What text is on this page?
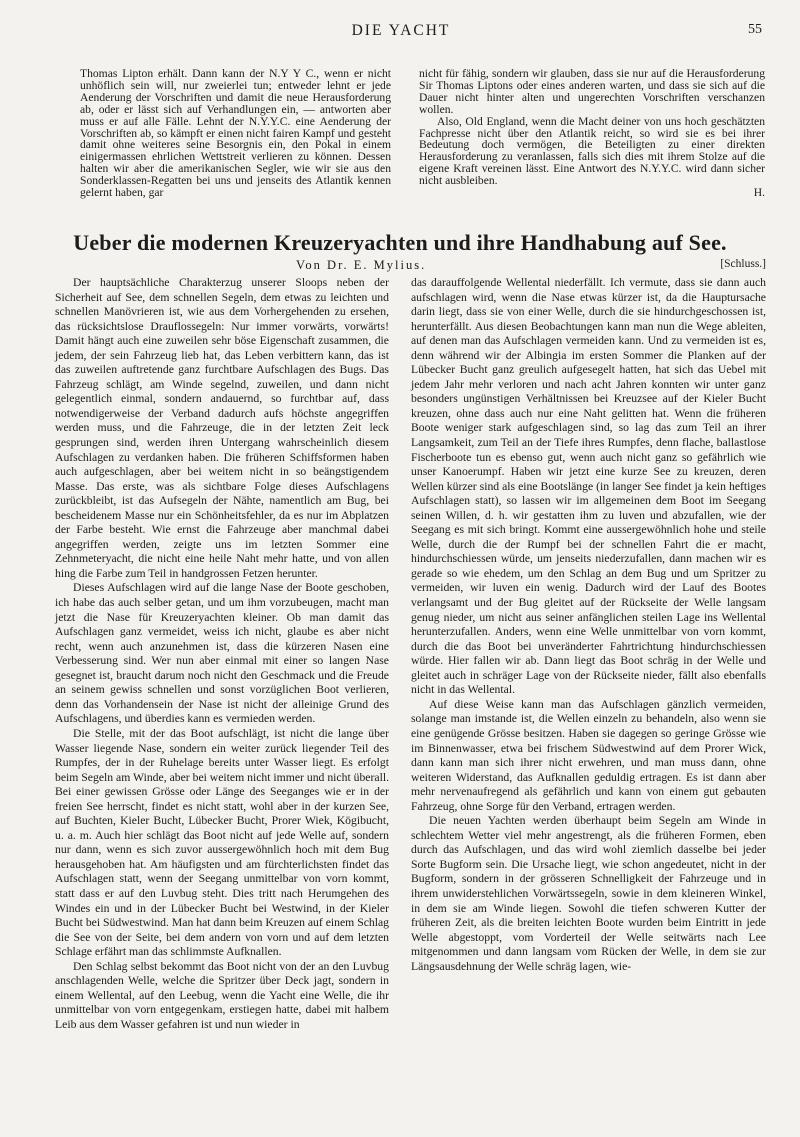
DIE YACHT	55

Thomas Lipton erhält. Dann kann der N.Y Y C., wenn er nicht unhöflich sein will, nur zweierlei tun; entweder lehnt er jede Aenderung der Vorschriften und damit die neue Herausforderung ab, oder er lässt sich auf Verhandlungen ein, — antworten aber muss er auf alle Fälle. Lehnt der N.Y.Y.C. eine Aenderung der Vorschriften ab, so kämpft er einen nicht fairen Kampf und gesteht damit ohne weiteres seine Besorgnis ein, den Pokal in einem einigermassen ehrlichen Wettstreit verlieren zu können. Dessen halten wir aber die amerikanischen Segler, wie wir sie aus den Sonderklassen-Regatten bei uns und jenseits des Atlantik kennen gelernt haben, gar

nicht für fähig, sondern wir glauben, dass sie nur auf die Herausforderung Sir Thomas Liptons oder eines anderen warten, und dass sie sich auf die Dauer nicht hinter alten und ungerechten Vorschriften verschanzen wollen.

Also, Old England, wenn die Macht deiner von uns hoch geschätzten Fachpresse nicht über den Atlantik reicht, so wird sie es bei ihrer Bedeutung doch vermögen, die Beteiligten zu einer direkten Herausforderung zu veranlassen, falls sich dies mit ihrem Stolze auf die eigene Kraft vereinen lässt. Eine Antwort des N.Y.Y.C. wird dann sicher nicht ausbleiben.

H.
Ueber die modernen Kreuzeryachten und ihre Handhabung auf See.
Von Dr. E. Mylius.	[Schluss.]

Der hauptsächliche Charakterzug unserer Sloops neben der Sicherheit auf See, dem schnellen Segeln, dem etwas zu leichten und schnellen Manövrieren ist, wie aus dem Vorhergehenden zu ersehen, das rücksichtslose Drauflossegeln: Nur immer vorwärts, vorwärts! Damit hängt auch eine zuweilen sehr böse Eigenschaft zusammen, die jedem, der sein Fahrzeug lieb hat, das Leben verbittern kann, das ist das zuweilen auftretende ganz furchtbare Aufschlagen des Bugs. Das Fahrzeug schlägt, am Winde segelnd, zuweilen, und dann nicht gelegentlich einmal, sondern andauernd, so furchtbar auf, dass notwendigerweise der Verband dadurch aufs höchste angegriffen werden muss, und die Fahrzeuge, die in der letzten Zeit leck gesprungen sind, werden ihren Untergang wahrscheinlich diesem Aufschlagen zu verdanken haben. Die früheren Schiffsformen haben auch aufgeschlagen, aber bei weitem nicht in so beängstigendem Masse. Das erste, was als sichtbare Folge dieses Aufschlagens zurückbleibt, ist das Aufsegeln der Nähte, namentlich am Bug, bei bescheidenem Masse nur ein Schönheitsfehler, da es nur im Abplatzen der Farbe besteht. Wie ernst die Fahrzeuge aber manchmal dabei angegriffen werden, zeigte uns im letzten Sommer eine Zehnmeteryacht, die nicht eine heile Naht mehr hatte, und von allen hing die Farbe zum Teil in handgrossen Fetzen herunter.

Dieses Aufschlagen wird auf die lange Nase der Boote geschoben, ich habe das auch selber getan, und um ihm vorzubeugen, macht man jetzt die Nase für Kreuzeryachten kleiner. Ob man damit das Aufschlagen ganz vermeidet, weiss ich nicht, glaube es aber nicht recht, wenn auch anzunehmen ist, dass die kürzeren Nasen eine Verbesserung sind. Wer nun aber einmal mit einer so langen Nase gesegnet ist, braucht darum noch nicht den Geschmack und die Freude an seinem gewiss schnellen und sonst vorzüglichen Boot verlieren, denn das Vorhandensein der Nase ist nicht der alleinige Grund des Aufschlagens, und überdies kann es vermieden werden.

Die Stelle, mit der das Boot aufschlägt, ist nicht die lange über Wasser liegende Nase, sondern ein weiter zurück liegender Teil des Rumpfes, der in der Ruhelage bereits unter Wasser liegt. Es erfolgt beim Segeln am Winde, aber bei weitem nicht immer und nicht überall. Bei einer gewissen Grösse oder Länge des Seeganges wie er in der freien See herrscht, findet es nicht statt, wohl aber in der kurzen See, auf Buchten, Kieler Bucht, Lübecker Bucht, Prorer Wiek, Kögibucht, u. a. m. Auch hier schlägt das Boot nicht auf jede Welle auf, sondern nur dann, wenn es sich zuvor aussergewöhnlich hoch mit dem Bug herausgehoben hat. Am häufigsten und am fürchterlichsten findet das Aufschlagen statt, wenn der Seegang unmittelbar von vorn kommt, statt dass er auf den Luvbug steht. Dies tritt nach Herumgehen des Windes ein und in der Lübecker Bucht bei Westwind, in der Kieler Bucht bei Südwestwind. Man hat dann beim Kreuzen auf einem Schlag die See von der Seite, bei dem andern von vorn und auf dem letzten Schlage erfährt man das schlimmste Aufknallen.

Den Schlag selbst bekommt das Boot nicht von der an den Luvbug anschlagenden Welle, welche die Spritzer über Deck jagt, sondern in einem Wellental, auf den Leebug, wenn die Yacht eine Welle, die ihr unmittelbar von vorn entgegenkam, erstiegen hatte, dabei mit halbem Leib aus dem Wasser gefahren ist und nun wieder in

das darauffolgende Wellental niederfällt. Ich vermute, dass sie dann auch aufschlagen wird, wenn die Nase etwas kürzer ist, da die Hauptursache darin liegt, dass sie von einer Welle, durch die sie hindurchgeschossen ist, herunterfällt. Aus diesen Beobachtungen kann man nun die Wege ableiten, auf denen man das Aufschlagen vermeiden kann. Und zu vermeiden ist es, denn während wir der Albingia im ersten Sommer die Planken auf der Lübecker Bucht ganz greulich aufgesegelt hatten, hat sich das Uebel mit jedem Jahr mehr verloren und nach acht Jahren konnten wir unter ganz besonders ungünstigen Verhältnissen bei Kreuzsee auf der Kieler Bucht kreuzen, ohne dass auch nur eine Naht gelitten hat. Wenn die früheren Boote weniger stark aufgeschlagen sind, so lag das zum Teil an ihrer Langsamkeit, zum Teil an der Tiefe ihres Rumpfes, denn flache, ballastlose Fischerboote tun es ebenso gut, wenn auch nicht ganz so gefährlich wie unser Kanoerumpf. Haben wir jetzt eine kurze See zu kreuzen, deren Wellen kürzer sind als eine Bootslänge (in langer See findet ja kein heftiges Aufschlagen statt), so lassen wir im allgemeinen dem Boot im Seegang seinen Willen, d. h. wir gestatten ihm zu luven und abzufallen, wie der Seegang es mit sich bringt. Kommt eine aussergewöhnlich hohe und steile Welle, durch die der Rumpf bei der schnellen Fahrt die er macht, hindurchschiessen würde, um jenseits niederzufallen, dann machen wir es gerade so wie ehedem, um den Schlag an dem Bug und um Spritzer zu vermeiden, wir luven ein wenig. Dadurch wird der Lauf des Bootes verlangsamt und der Bug gleitet auf der Rückseite der Welle langsam genug nieder, um nicht aus seiner anfänglichen steilen Lage ins Wellental herunterzufallen. Anders, wenn eine Welle unmittelbar von vorn kommt, durch die das Boot bei unveränderter Fahrtrichtung hindurchschiessen würde. Hier fallen wir ab. Dann liegt das Boot schräg in der Welle und gleitet auch in schräger Lage von der Rückseite nieder, fällt also ebenfalls nicht in das Wellental.

Auf diese Weise kann man das Aufschlagen gänzlich vermeiden, solange man imstande ist, die Wellen einzeln zu behandeln, also wenn sie eine genügende Grösse besitzen. Haben sie dagegen so geringe Grösse wie im Binnenwasser, etwa bei frischem Südwestwind auf dem Prorer Wick, dann kann man sich ihrer nicht erwehren, und man muss dann, ohne weiteren Widerstand, das Aufknallen geduldig ertragen. Es ist dann aber mehr nervenaufregend als gefährlich und kann von einem gut gebauten Fahrzeug, ohne Sorge für den Verband, ertragen werden.

Die neuen Yachten werden überhaupt beim Segeln am Winde in schlechtem Wetter viel mehr angestrengt, als die früheren Formen, eben durch das Aufschlagen, und das wird wohl ziemlich dasselbe bei jeder Sorte Bugform sein. Die Ursache liegt, wie schon angedeutet, nicht in der Bugform, sondern in der grösseren Schnelligkeit der Fahrzeuge und in ihrem unwiderstehlichen Vorwärtssegeln, sowie in dem kleineren Winkel, in dem sie am Winde liegen. Sowohl die tiefen schweren Kutter der früheren Zeit, als die breiten leichten Boote wurden beim Eintritt in jede Welle abgestoppt, vom Vorderteil der Welle seitwärts nach Lee mitgenommen und dann langsam vom Rücken der Welle, in dem sie zur Längsausdehnung der Welle schräg lagen, wie-
